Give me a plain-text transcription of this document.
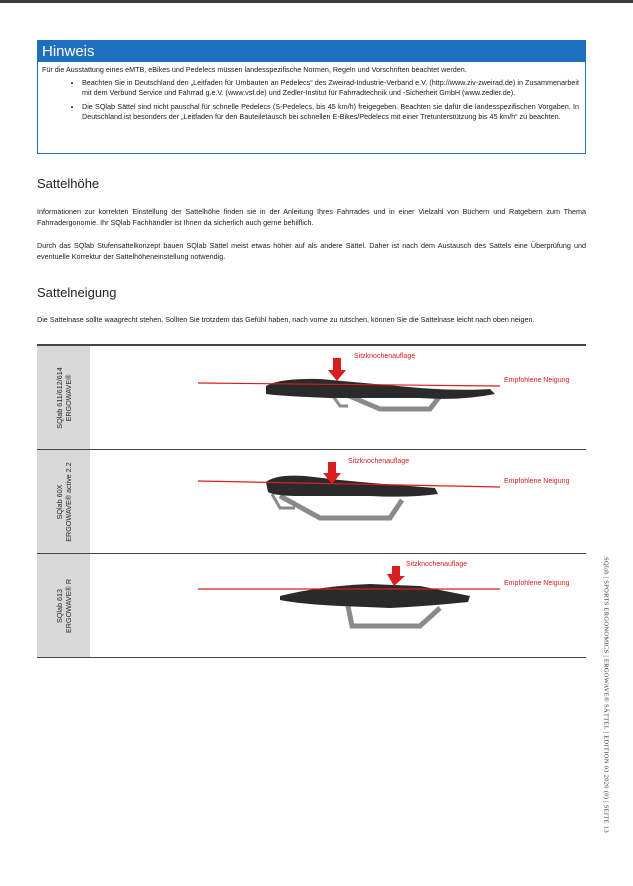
Hinweis

Für die Ausstattung eines eMTB, eBikes und Pedelecs müssen landesspezifische Normen, Regeln und Vorschriften beachtet werden.

• Beachten Sie in Deutschland den „Leitfaden für Umbauten an Pedelecs“ des Zweirad-Industrie-Verband e.V. (http://www.ziv-zweirad.de) in Zusammenarbeit mit dem Verbund Service und Fahrrad g.e.V. (www.vsf.de) und Zedler-Institut für Fahrradtechnik und -Sicherheit GmbH (www.zedler.de).
• Die SQlab Sättel sind nicht pauschal für schnelle Pedelecs (S-Pedelecs, bis 45 km/h) freigegeben. Beachten sie dafür die landesspezifischen Vorgaben. In Deutschland ist besonders der „Leitfaden für den Bauteiletausch bei schnellen E-Bikes/Pedelecs mit einer Tretunterstützung bis 45 km/h“ zu beachten.
Sattelhöhe

Informationen zur korrekten Einstellung der Sattelhöhe finden sie in der Anleitung Ihres Fahrrades und in einer Vielzahl von Büchern und Ratgebern zum Thema Fahrradergonomie. Ihr SQlab Fachhändler ist Ihnen da sicherlich auch gerne behilflich.

Durch das SQlab Stufensattelkonzept bauen SQlab Sättel meist etwas höher auf als andere Sättel. Daher ist nach dem Austausch des Sattels eine Überprüfung und eventuelle Korrektur der Sattelhöheneinstellung notwendig.

Sattelneigung

Die Sattelnase sollte waagrecht stehen. Sollten Sie trotzdem das Gefühl haben, nach vorne zu rutschen, können Sie die Sattelnase leicht nach oben neigen.

SQlab 611/612/614 ERGOWAVE®
Sitzknochenauflage
Empfohlene Neigung
SQlab 60X ERGOWAVE® active 2.2
Sitzknochenauflage
Empfohlene Neigung
SQlab 613 ERGOWAVE® R
Sitzknochenauflage
Empfohlene Neigung	SQlab | SPORTS ERGONOMICS | ERGOWAVE® SÄTTEL | EDITION 03 2020 (0) | SEITE 13
